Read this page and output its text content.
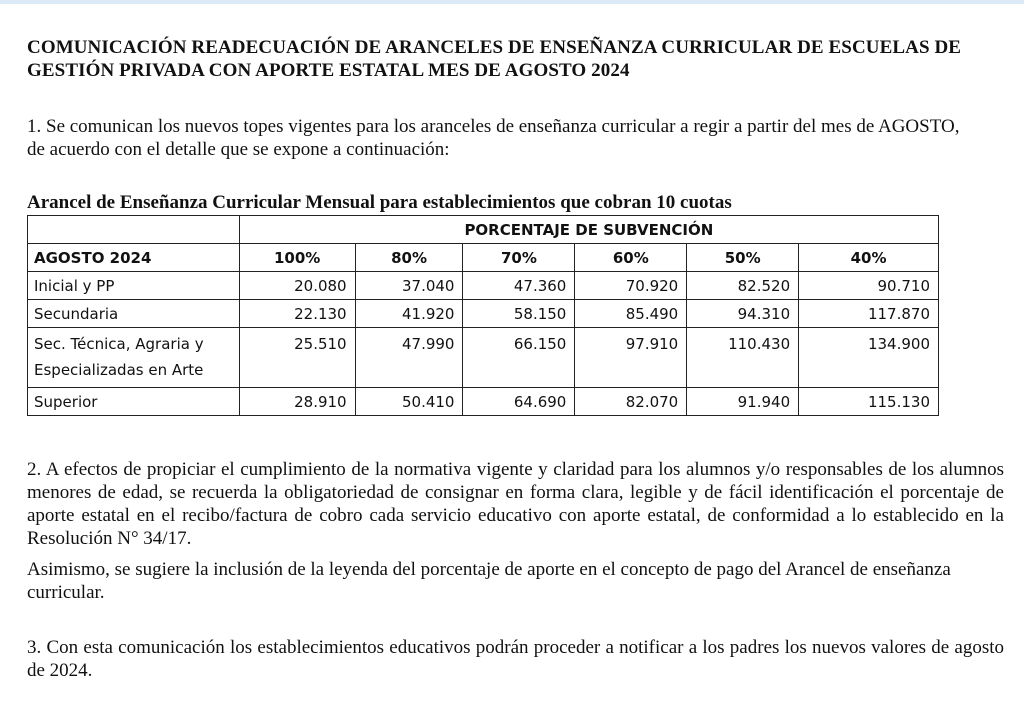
COMUNICACIÓN READECUACIÓN DE ARANCELES DE ENSEÑANZA CURRICULAR DE ESCUELAS DE GESTIÓN PRIVADA CON APORTE ESTATAL MES DE AGOSTO 2024
1. Se comunican los nuevos topes vigentes para los aranceles de enseñanza curricular a regir a partir del mes de AGOSTO, de acuerdo con el detalle que se expone a continuación:
Arancel de Enseñanza Curricular Mensual para establecimientos que cobran 10 cuotas
	PORCENTAJE DE SUBVENCIÓN					
AGOSTO 2024	100%	80%	70%	60%	50%	40%
Inicial y PP	20.080	37.040	47.360	70.920	82.520	90.710
Secundaria	22.130	41.920	58.150	85.490	94.310	117.870
Sec. Técnica, Agraria y Especializadas en Arte	25.510	47.990	66.150	97.910	110.430	134.900
Superior	28.910	50.410	64.690	82.070	91.940	115.130
2. A efectos de propiciar el cumplimiento de la normativa vigente y claridad para los alumnos y/o responsables de los alumnos menores de edad, se recuerda la obligatoriedad de consignar en forma clara, legible y de fácil identificación el porcentaje de aporte estatal en el recibo/factura de cobro cada servicio educativo con aporte estatal, de conformidad a lo establecido en la Resolución N° 34/17.
Asimismo, se sugiere la inclusión de la leyenda del porcentaje de aporte en el concepto de pago del Arancel de enseñanza curricular.
3. Con esta comunicación los establecimientos educativos podrán proceder a notificar a los padres los nuevos valores de agosto de 2024.
